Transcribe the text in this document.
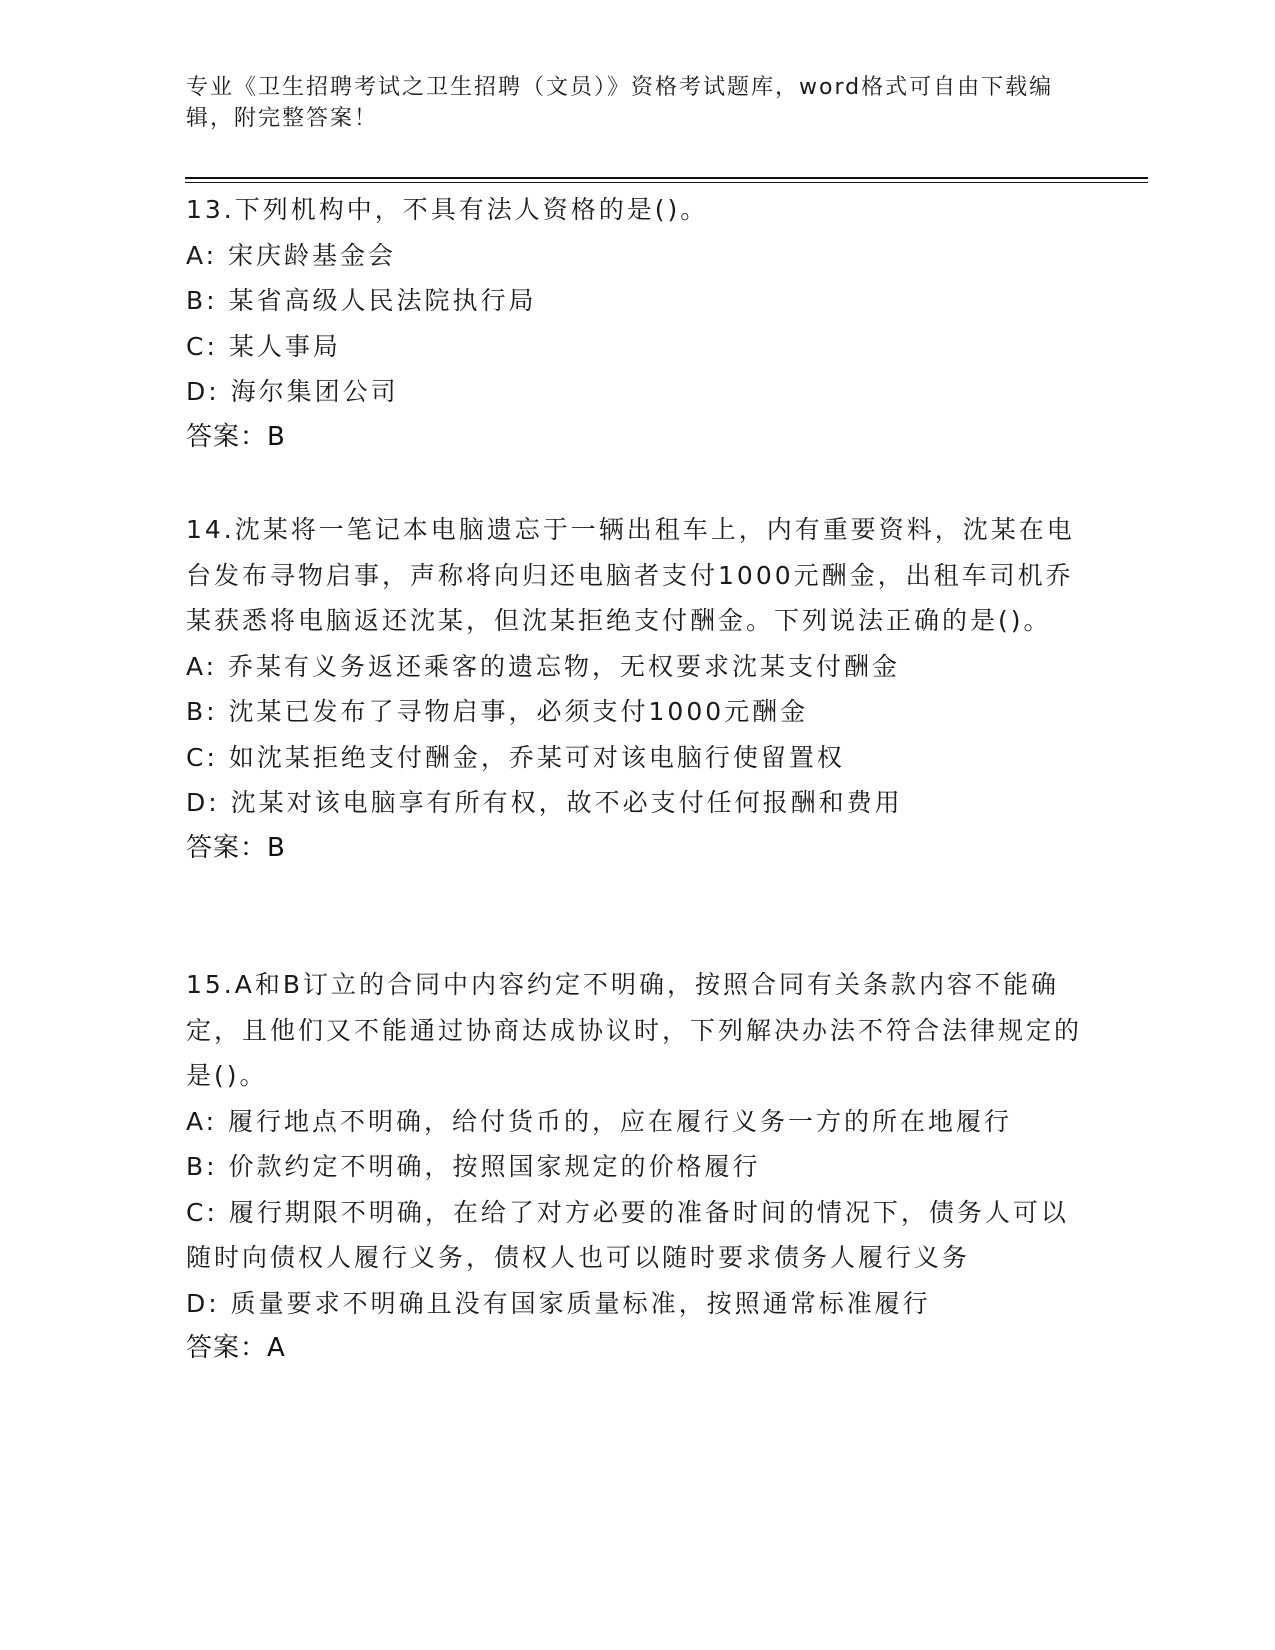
专业《卫生招聘考试之卫生招聘（文员）》资格考试题库，word格式可自由下载编辑，附完整答案！
13.下列机构中，不具有法人资格的是()。
A: 宋庆龄基金会
B: 某省高级人民法院执行局
C: 某人事局
D: 海尔集团公司
答案：B
14.沈某将一笔记本电脑遗忘于一辆出租车上，内有重要资料，沈某在电台发布寻物启事，声称将向归还电脑者支付1000元酬金，出租车司机乔某获悉将电脑返还沈某，但沈某拒绝支付酬金。下列说法正确的是()。
A: 乔某有义务返还乘客的遗忘物，无权要求沈某支付酬金
B: 沈某已发布了寻物启事，必须支付1000元酬金
C: 如沈某拒绝支付酬金，乔某可对该电脑行使留置权
D: 沈某对该电脑享有所有权，故不必支付任何报酬和费用
答案：B
15.A和B订立的合同中内容约定不明确，按照合同有关条款内容不能确定，且他们又不能通过协商达成协议时，下列解决办法不符合法律规定的是()。
A: 履行地点不明确，给付货币的，应在履行义务一方的所在地履行
B: 价款约定不明确，按照国家规定的价格履行
C: 履行期限不明确，在给了对方必要的准备时间的情况下，债务人可以随时向债权人履行义务，债权人也可以随时要求债务人履行义务
D: 质量要求不明确且没有国家质量标准，按照通常标准履行
答案：A
